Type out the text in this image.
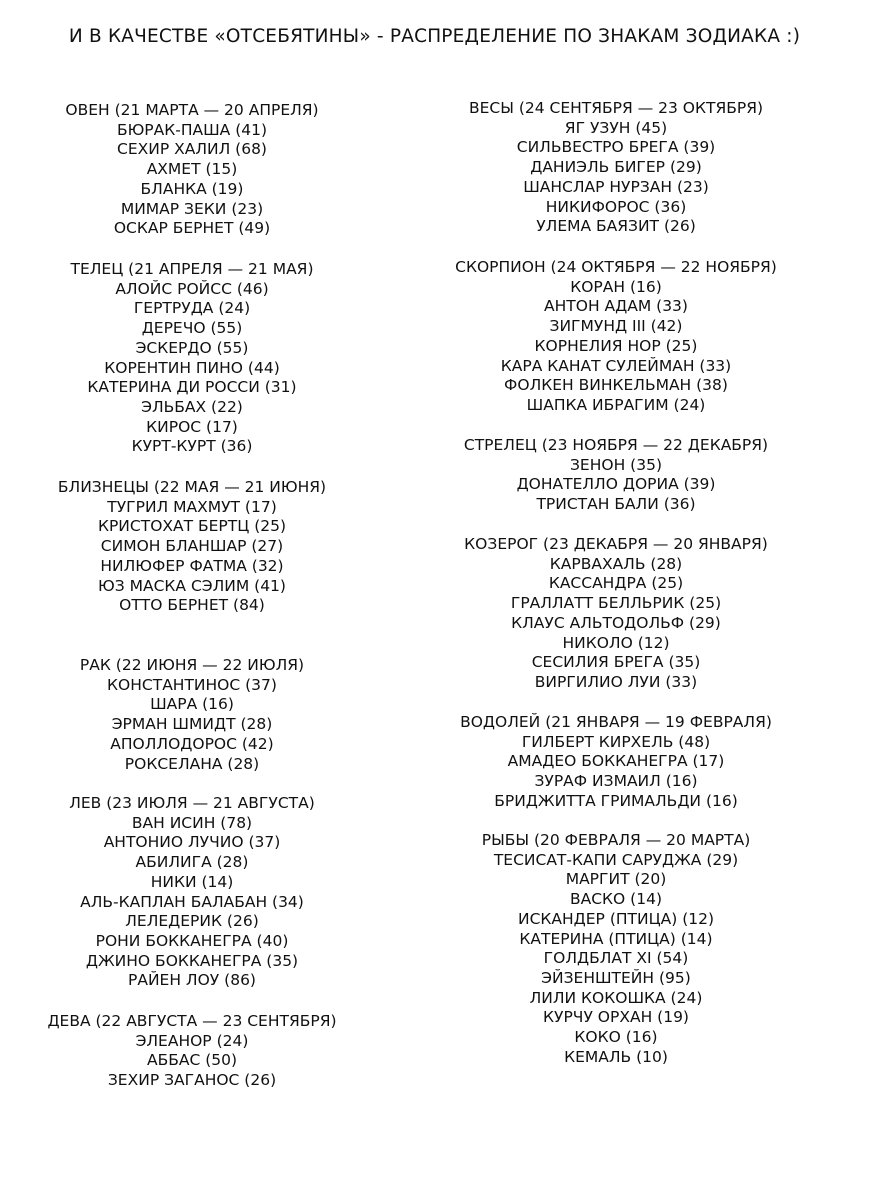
И В КАЧЕСТВЕ «ОТСЕБЯТИНЫ» - РАСПРЕДЕЛЕНИЕ ПО ЗНАКАМ ЗОДИАКА :)
ОВЕН (21 МАРТА — 20 АПРЕЛЯ)
БЮРАК-ПАША (41)
СЕХИР ХАЛИЛ (68)
АХМЕТ (15)
БЛАНКА (19)
МИМАР ЗЕКИ (23)
ОСКАР БЕРНЕТ (49)
ТЕЛЕЦ (21 АПРЕЛЯ — 21 МАЯ)
АЛОЙС РОЙСС (46)
ГЕРТРУДА (24)
ДЕРЕЧО (55)
ЭСКЕРДО (55)
КОРЕНТИН ПИНО (44)
КАТЕРИНА ДИ РОССИ (31)
ЭЛЬБАХ (22)
КИРОС (17)
КУРТ-КУРТ (36)
БЛИЗНЕЦЫ (22 МАЯ — 21 ИЮНЯ)
ТУГРИЛ МАХМУТ (17)
КРИСТОХАТ БЕРТЦ (25)
СИМОН БЛАНШАР (27)
НИЛЮФЕР ФАТМА (32)
ЮЗ МАСКА СЭЛИМ (41)
ОТТО БЕРНЕТ (84)
РАК (22 ИЮНЯ — 22 ИЮЛЯ)
КОНСТАНТИНОС (37)
ШАРА (16)
ЭРМАН ШМИДТ (28)
АПОЛЛОДОРОС (42)
РОКСЕЛАНА (28)
ЛЕВ (23 ИЮЛЯ — 21 АВГУСТА)
ВАН ИСИН (78)
АНТОНИО ЛУЧИО (37)
АБИЛИГА (28)
НИКИ (14)
АЛЬ-КАПЛАН БАЛАБАН (34)
ЛЕЛЕДЕРИК (26)
РОНИ БОККАНЕГРА (40)
ДЖИНО БОККАНЕГРА (35)
РАЙЕН ЛОУ (86)
ДЕВА (22 АВГУСТА — 23 СЕНТЯБРЯ)
ЭЛЕАНОР (24)
АББАС (50)
ЗЕХИР ЗАГАНОС (26)
ВЕСЫ (24 СЕНТЯБРЯ — 23 ОКТЯБРЯ)
ЯГ УЗУН (45)
СИЛЬВЕСТРО БРЕГА (39)
ДАНИЭЛЬ БИГЕР (29)
ШАНСЛАР НУРЗАН (23)
НИКИФОРОС (36)
УЛЕМА БАЯЗИТ (26)
СКОРПИОН (24 ОКТЯБРЯ — 22 НОЯБРЯ)
КОРАН (16)
АНТОН АДАМ (33)
ЗИГМУНД III (42)
КОРНЕЛИЯ НОР (25)
КАРА КАНАТ СУЛЕЙМАН (33)
ФОЛКЕН ВИНКЕЛЬМАН (38)
ШАПКА ИБРАГИМ (24)
СТРЕЛЕЦ (23 НОЯБРЯ — 22 ДЕКАБРЯ)
ЗЕНОН (35)
ДОНАТЕЛЛО ДОРИА (39)
ТРИСТАН БАЛИ (36)
КОЗЕРОГ (23 ДЕКАБРЯ — 20 ЯНВАРЯ)
КАРВАХАЛЬ (28)
КАССАНДРА (25)
ГРАЛЛАТТ БЕЛЛЬРИК (25)
КЛАУС АЛЬТОДОЛЬФ (29)
НИКОЛО (12)
СЕСИЛИЯ БРЕГА (35)
ВИРГИЛИО ЛУИ (33)
ВОДОЛЕЙ (21 ЯНВАРЯ — 19 ФЕВРАЛЯ)
ГИЛБЕРТ КИРХЕЛЬ (48)
АМАДЕО БОККАНЕГРА (17)
ЗУРАФ ИЗМАИЛ (16)
БРИДЖИТТА ГРИМАЛЬДИ (16)
РЫБЫ (20 ФЕВРАЛЯ — 20 МАРТА)
ТЕСИСАТ-КАПИ САРУДЖА (29)
МАРГИТ (20)
ВАСКО (14)
ИСКАНДЕР (ПТИЦА) (12)
КАТЕРИНА (ПТИЦА) (14)
ГОЛДБЛАТ XI (54)
ЭЙЗЕНШТЕЙН (95)
ЛИЛИ КОКОШКА (24)
КУРЧУ ОРХАН (19)
КОКО (16)
КЕМАЛЬ (10)
